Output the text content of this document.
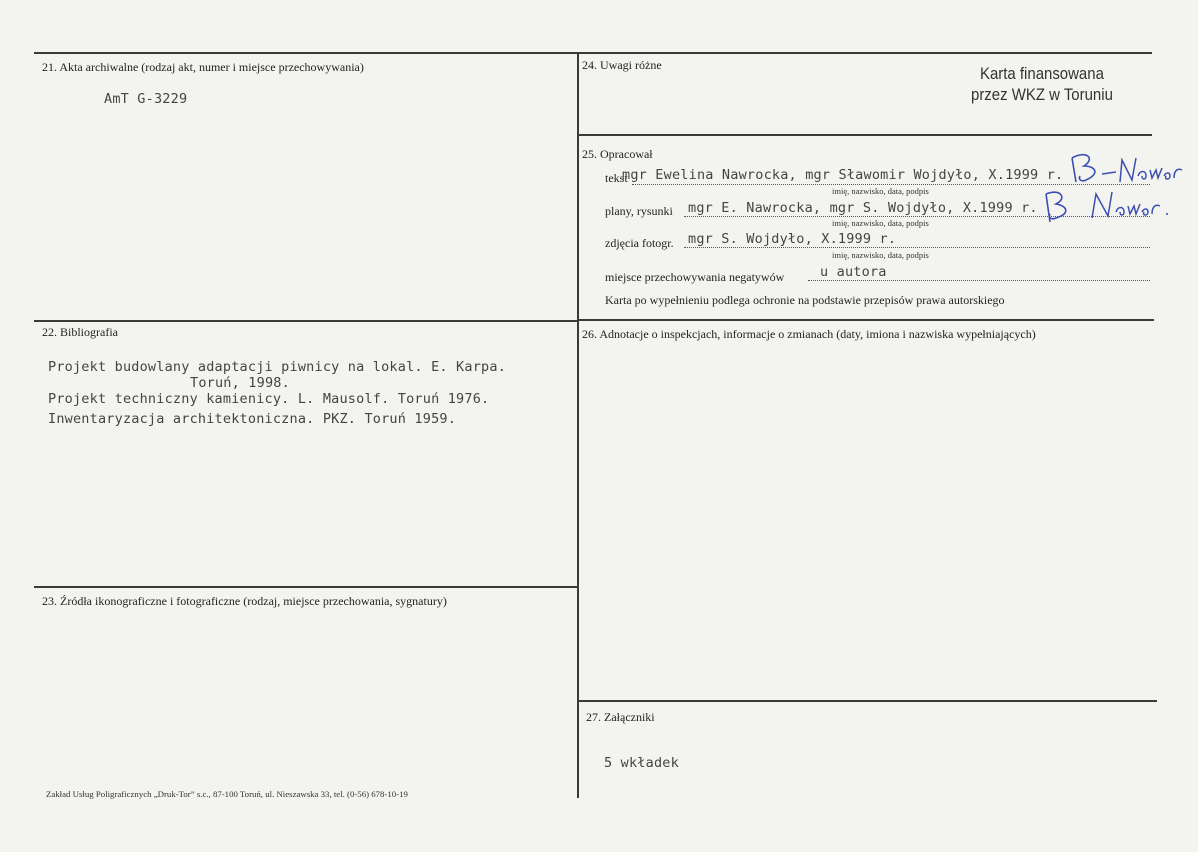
21. Akta archiwalne (rodzaj akt, numer i miejsce przechowywania)
AmT G-3229
22. Bibliografia
Projekt budowlany adaptacji piwnicy na lokal. E. Karpa.
Toruń, 1998.
Projekt techniczny kamienicy. L. Mausolf. Toruń 1976.
Inwentaryzacja architektoniczna. PKZ. Toruń 1959.
23. Źródła ikonograficzne i fotograficzne (rodzaj, miejsce przechowania, sygnatury)
24. Uwagi różne	Karta finansowana
przez WKZ w Toruniu
25. Opracował
tekst
mgr Ewelina Nawrocka, mgr Sławomir Wojdyło, X.1999 r.
imię, nazwisko, data, podpis
plany, rysunki mgr E. Nawrocka, mgr S. Wojdyło, X.1999 r.
imię, nazwisko, data, podpis
zdjęcia fotogr. mgr S. Wojdyło, X.1999 r.
imię, nazwisko, data, podpis
miejsce przechowywania negatywów	u autora
Karta po wypełnieniu podlega ochronie na podstawie przepisów prawa autorskiego
26. Adnotacje o inspekcjach, informacje o zmianach (daty, imiona i nazwiska wypełniających)
27. Załączniki
5 wkładek
Zakład Usług Poligraficznych „Druk-Tor” s.c., 87-100 Toruń, ul. Nieszawska 33, tel. (0-56) 678-10-19
